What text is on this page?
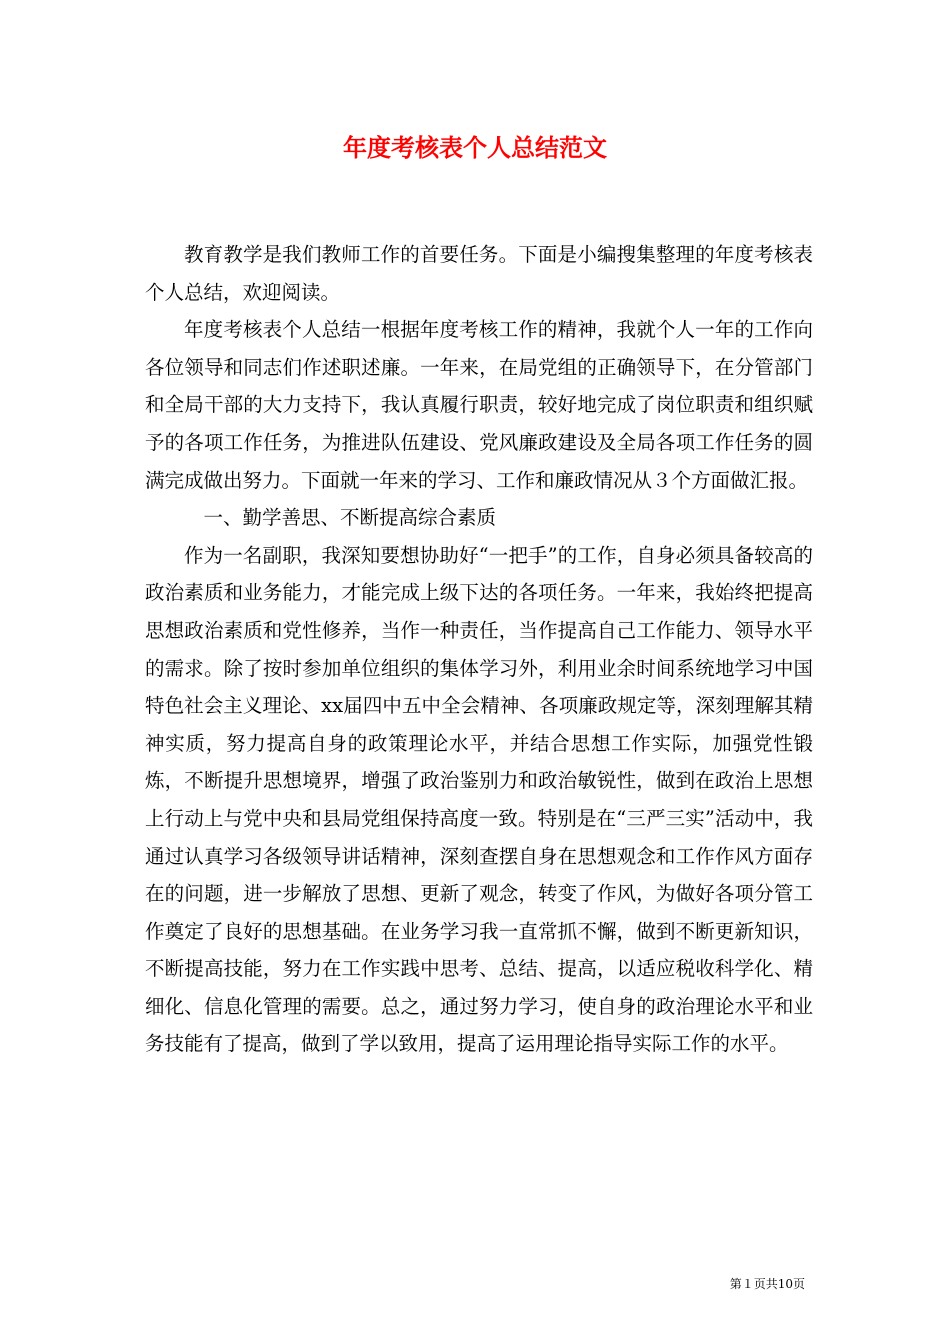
年度考核表个人总结范文

教育教学是我们教师工作的首要任务。下面是小编搜集整理的年度考核表个人总结，欢迎阅读。

年度考核表个人总结一根据年度考核工作的精神，我就个人一年的工作向各位领导和同志们作述职述廉。一年来，在局党组的正确领导下，在分管部门和全局干部的大力支持下，我认真履行职责，较好地完成了岗位职责和组织赋予的各项工作任务，为推进队伍建设、党风廉政建设及全局各项工作任务的圆满完成做出努力。下面就一年来的学习、工作和廉政情况从３个方面做汇报。

一、勤学善思、不断提高综合素质

作为一名副职，我深知要想协助好“一把手”的工作，自身必须具备较高的政治素质和业务能力，才能完成上级下达的各项任务。一年来，我始终把提高思想政治素质和党性修养，当作一种责任，当作提高自己工作能力、领导水平的需求。除了按时参加单位组织的集体学习外，利用业余时间系统地学习中国特色社会主义理论、xx届四中五中全会精神、各项廉政规定等，深刻理解其精神实质，努力提高自身的政策理论水平，并结合思想工作实际，加强党性锻炼，不断提升思想境界，增强了政治鉴别力和政治敏锐性，做到在政治上思想上行动上与党中央和县局党组保持高度一致。特别是在“三严三实”活动中，我通过认真学习各级领导讲话精神，深刻查摆自身在思想观念和工作作风方面存在的问题，进一步解放了思想、更新了观念，转变了作风，为做好各项分管工作奠定了良好的思想基础。在业务学习我一直常抓不懈，做到不断更新知识，不断提高技能，努力在工作实践中思考、总结、提高，以适应税收科学化、精细化、信息化管理的需要。总之，通过努力学习，使自身的政治理论水平和业务技能有了提高，做到了学以致用，提高了运用理论指导实际工作的水平。

第１页共10页
